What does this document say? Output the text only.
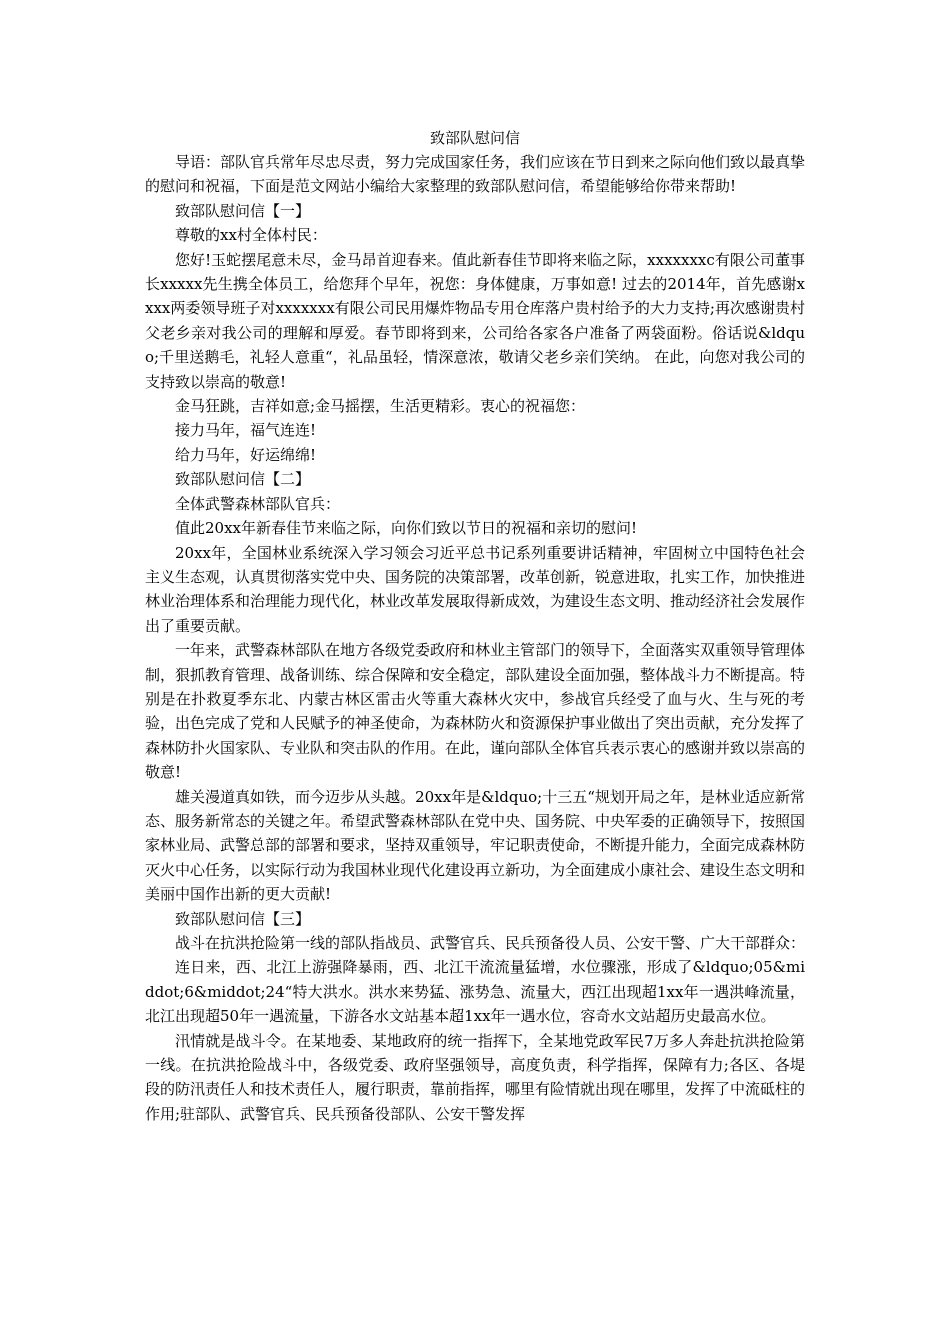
致部队慰问信

导语：部队官兵常年尽忠尽责，努力完成国家任务，我们应该在节日到来之际向他们致以最真挚的慰问和祝福，下面是范文网站小编给大家整理的致部队慰问信，希望能够给你带来帮助!

致部队慰问信【一】

尊敬的xx村全体村民：

您好!玉蛇摆尾意未尽，金马昂首迎春来。值此新春佳节即将来临之际，xxxxxxxc有限公司董事长xxxxx先生携全体员工，给您拜个早年，祝您：身体健康，万事如意! 过去的2014年，首先感谢xxxx两委领导班子对xxxxxxx有限公司民用爆炸物品专用仓库落户贵村给予的大力支持;再次感谢贵村父老乡亲对我公司的理解和厚爱。春节即将到来，公司给各家各户准备了两袋面粉。俗话说&ldquo;千里送鹅毛，礼轻人意重“，礼品虽轻，情深意浓，敬请父老乡亲们笑纳。 在此，向您对我公司的支持致以崇高的敬意!

金马狂跳，吉祥如意;金马摇摆，生活更精彩。衷心的祝福您：

接力马年，福气连连!

给力马年，好运绵绵!

致部队慰问信【二】

全体武警森林部队官兵：

值此20xx年新春佳节来临之际，向你们致以节日的祝福和亲切的慰问!

20xx年，全国林业系统深入学习领会习近平总书记系列重要讲话精神，牢固树立中国特色社会主义生态观，认真贯彻落实党中央、国务院的决策部署，改革创新，锐意进取，扎实工作，加快推进林业治理体系和治理能力现代化，林业改革发展取得新成效，为建设生态文明、推动经济社会发展作出了重要贡献。

一年来，武警森林部队在地方各级党委政府和林业主管部门的领导下，全面落实双重领导管理体制，狠抓教育管理、战备训练、综合保障和安全稳定，部队建设全面加强，整体战斗力不断提高。特别是在扑救夏季东北、内蒙古林区雷击火等重大森林火灾中，参战官兵经受了血与火、生与死的考验，出色完成了党和人民赋予的神圣使命，为森林防火和资源保护事业做出了突出贡献，充分发挥了森林防扑火国家队、专业队和突击队的作用。在此，谨向部队全体官兵表示衷心的感谢并致以崇高的敬意!

雄关漫道真如铁，而今迈步从头越。20xx年是&ldquo;十三五“规划开局之年，是林业适应新常态、服务新常态的关键之年。希望武警森林部队在党中央、国务院、中央军委的正确领导下，按照国家林业局、武警总部的部署和要求，坚持双重领导，牢记职责使命，不断提升能力，全面完成森林防灭火中心任务，以实际行动为我国林业现代化建设再立新功，为全面建成小康社会、建设生态文明和美丽中国作出新的更大贡献!

致部队慰问信【三】

战斗在抗洪抢险第一线的部队指战员、武警官兵、民兵预备役人员、公安干警、广大干部群众：

连日来，西、北江上游强降暴雨，西、北江干流流量猛增，水位骤涨，形成了&ldquo;05&middot;6&middot;24“特大洪水。洪水来势猛、涨势急、流量大，西江出现超1xx年一遇洪峰流量，北江出现超50年一遇流量，下游各水文站基本超1xx年一遇水位，容奇水文站超历史最高水位。

汛情就是战斗令。在某地委、某地政府的统一指挥下，全某地党政军民7万多人奔赴抗洪抢险第一线。在抗洪抢险战斗中，各级党委、政府坚强领导，高度负责，科学指挥，保障有力;各区、各堤段的防汛责任人和技术责任人，履行职责，靠前指挥，哪里有险情就出现在哪里，发挥了中流砥柱的作用;驻部队、武警官兵、民兵预备役部队、公安干警发挥
